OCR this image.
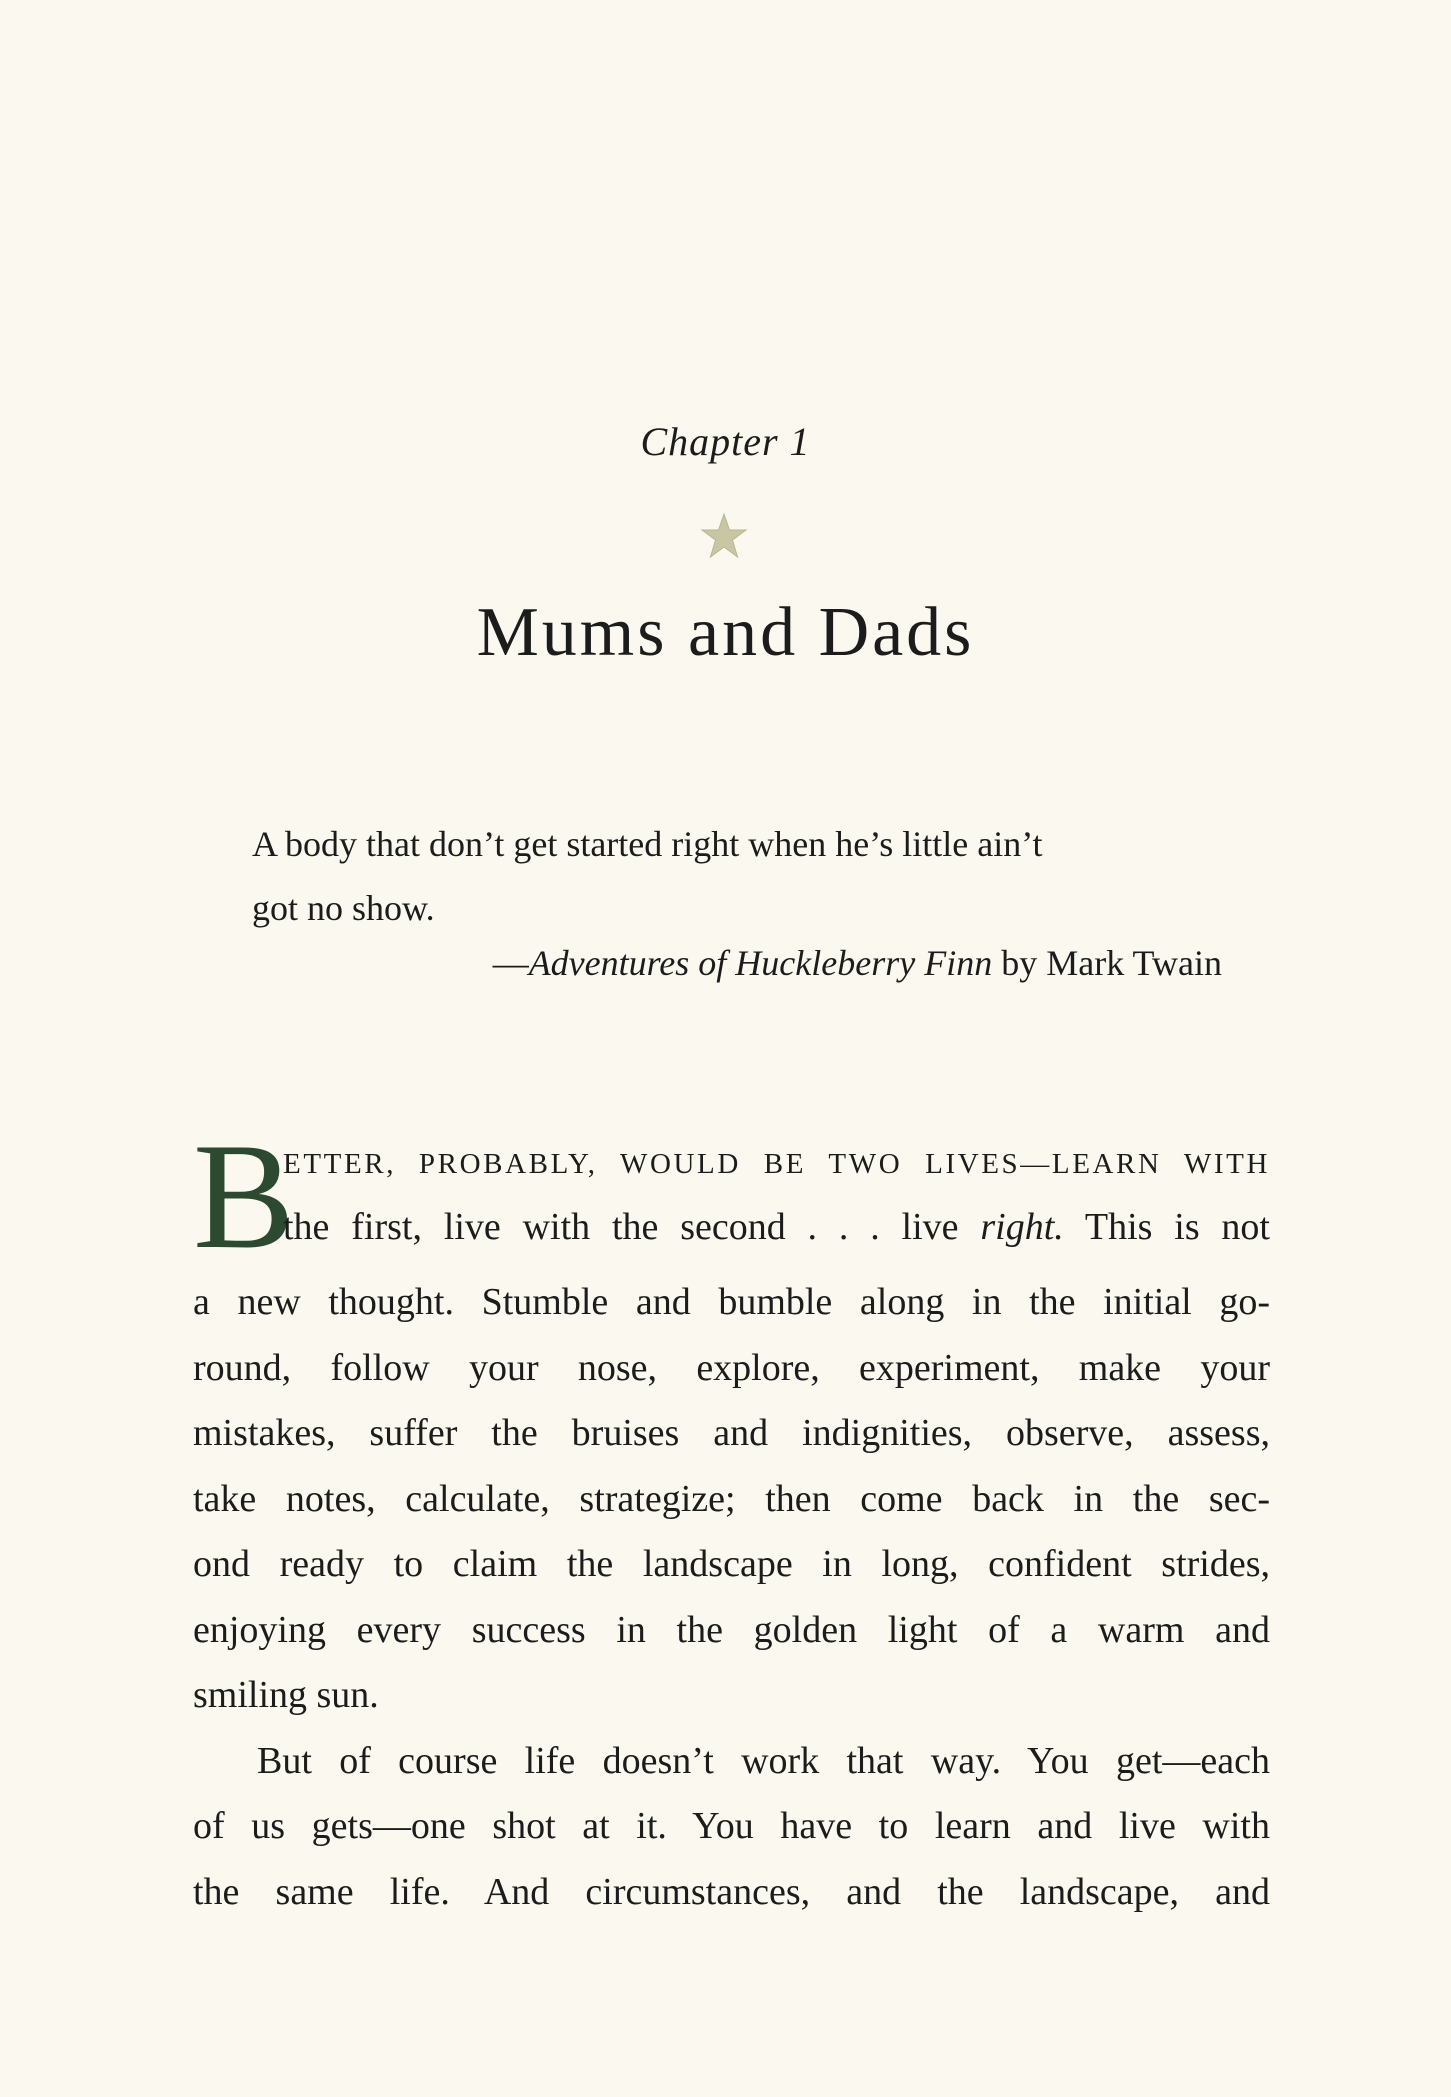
Chapter 1
Mums and Dads
A body that don’t get started right when he’s little ain’t
got no show.
—Adventures of Huckleberry Finn by Mark Twain
B
ETTER, PROBABLY, WOULD BE TWO LIVES—LEARN WITH
the first, live with the second . . . live right. This is not
a new thought. Stumble and bumble along in the initial go-
round, follow your nose, explore, experiment, make your
mistakes, suffer the bruises and indignities, observe, assess,
take notes, calculate, strategize; then come back in the sec-
ond ready to claim the landscape in long, confident strides,
enjoying every success in the golden light of a warm and
smiling sun.
But of course life doesn’t work that way. You get—each
of us gets—one shot at it. You have to learn and live with
the same life. And circumstances, and the landscape, and
